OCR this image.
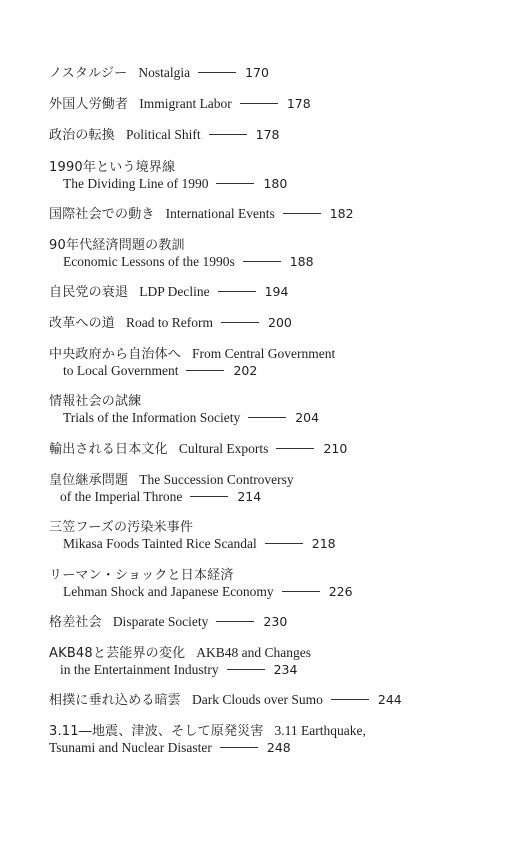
ノスタルジー Nostalgia	170
外国人労働者 Immigrant Labor	178
政治の転換 Political Shift	178
1990年という境界線
The Dividing Line of 1990	180
国際社会での動き International Events	182
90年代経済問題の教訓
Economic Lessons of the 1990s	188
自民党の衰退 LDP Decline	194
改革への道 Road to Reform	200
中央政府から自治体へ From Central Government
to Local Government	202
情報社会の試練
Trials of the Information Society	204
輸出される日本文化 Cultural Exports	210
皇位継承問題 The Succession Controversy
of the Imperial Throne	214
三笠フーズの汚染米事件
Mikasa Foods Tainted Rice Scandal	218
リーマン・ショックと日本経済
Lehman Shock and Japanese Economy	226
格差社会 Disparate Society	230
AKB48と芸能界の変化 AKB48 and Changes
in the Entertainment Industry	234
相撲に垂れ込める暗雲 Dark Clouds over Sumo	244
3.11―地震、津波、そして原発災害 3.11 Earthquake,
Tsunami and Nuclear Disaster	248
